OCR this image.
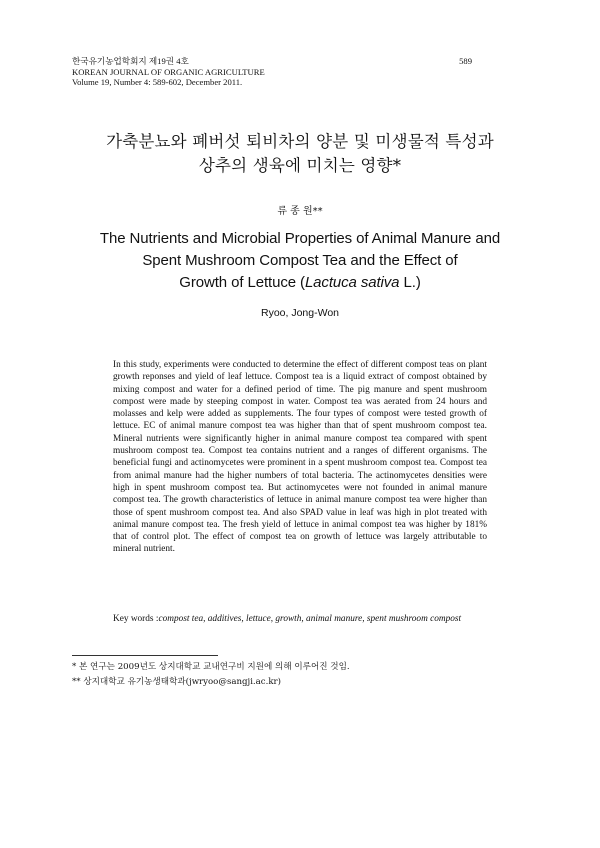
한국유기농업학회지 제19권 4호
KOREAN JOURNAL OF ORGANIC AGRICULTURE
Volume 19, Number 4: 589-602, December 2011.
589
가축분뇨와 폐버섯 퇴비차의 양분 및 미생물적 특성과
상추의 생육에 미치는 영향*
류 종 원**
The Nutrients and Microbial Properties of Animal Manure and
Spent Mushroom Compost Tea and the Effect of
Growth of Lettuce (Lactuca sativa L.)
Ryoo, Jong-Won

In this study, experiments were conducted to determine the effect of different compost teas on plant growth reponses and yield of leaf lettuce. Compost tea is a liquid extract of compost obtained by mixing compost and water for a defined period of time. The pig manure and spent mushroom compost were made by steeping compost in water. Compost tea was aerated from 24 hours and molasses and kelp were added as supplements. The four types of compost were tested growth of lettuce. EC of animal manure compost tea was higher than that of spent mushroom compost tea. Mineral nutrients were significantly higher in animal manure compost tea compared with spent mushroom compost tea. Compost tea contains nutrient and a ranges of different organisms. The beneficial fungi and actinomycetes were prominent in a spent mushroom compost tea. Compost tea from animal manure had the higher numbers of total bacteria. The actinomycetes densities were high in spent mushroom compost tea. But actinomycetes were not founded in animal manure compost tea. The growth characteristics of lettuce in animal manure compost tea were higher than those of spent mushroom compost tea. And also SPAD value in leaf was high in plot treated with animal manure compost tea. The fresh yield of lettuce in animal compost tea was higher by 181% that of control plot. The effect of compost tea on growth of lettuce was largely attributable to mineral nutrient.

Key words :compost tea, additives, lettuce, growth, animal manure, spent mushroom compost
* 본 연구는 2009년도 상지대학교 교내연구비 지원에 의해 이루어진 것임.
** 상지대학교 유기농생태학과(jwryoo@sangji.ac.kr)
